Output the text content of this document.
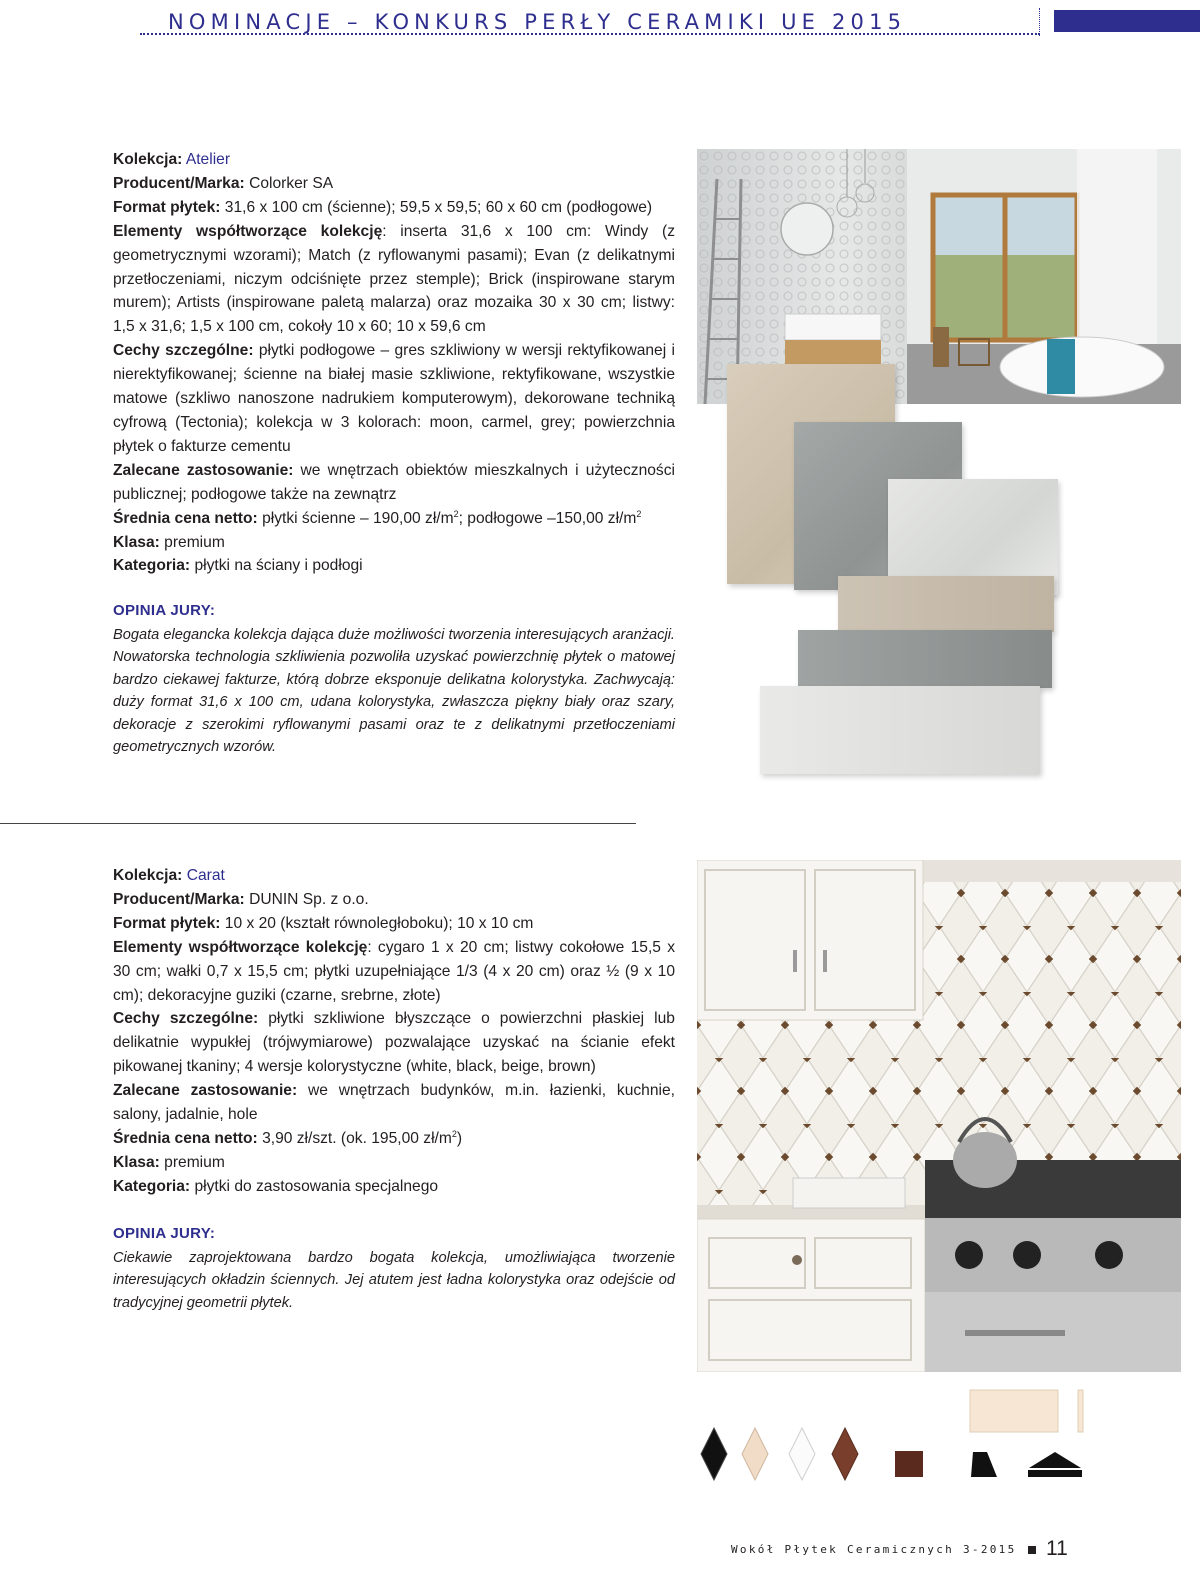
NOMINACJE – KONKURS PERŁY CERAMIKI UE 2015

Kolekcja: Atelier

Producent/Marka: Colorker SA

Format płytek: 31,6 x 100 cm (ścienne); 59,5 x 59,5; 60 x 60 cm (podłogowe)

Elementy współtworzące kolekcję: inserta 31,6 x 100 cm: Windy (z geometrycznymi wzorami); Match (z ryflowanymi pasami); Evan (z delikatnymi przetłoczeniami, niczym odciśnięte przez stemple); Brick (inspirowane starym murem); Artists (inspirowane paletą malarza) oraz mozaika 30 x 30 cm; listwy: 1,5 x 31,6; 1,5 x 100 cm, cokoły 10 x 60; 10 x 59,6 cm

Cechy szczególne: płytki podłogowe – gres szkliwiony w wersji rektyfikowanej i nierektyfikowanej; ścienne na białej masie szkliwione, rektyfikowane, wszystkie matowe (szkliwo nanoszone nadrukiem komputerowym), dekorowane techniką cyfrową (Tectonia); kolekcja w 3 kolorach: moon, carmel, grey; powierzchnia płytek o fakturze cementu

Zalecane zastosowanie: we wnętrzach obiektów mieszkalnych i użyteczności publicznej; podłogowe także na zewnątrz

Średnia cena netto: płytki ścienne – 190,00 $zł/m^2$; podłogowe –150,00 $zł/m^2$

Klasa: premium

Kategoria: płytki na ściany i podłogi

OPINIA JURY:
Bogata elegancka kolekcja dająca duże możliwości tworzenia interesujących aranżacji. Nowatorska technologia szkliwienia pozwoliła uzyskać powierzchnię płytek o matowej bardzo ciekawej fakturze, którą dobrze eksponuje delikatna kolorystyka. Zachwycają: duży format 31,6 x 100 cm, udana kolorystyka, zwłaszcza piękny biały oraz szary, dekoracje z szerokimi ryflowanymi pasami oraz te z delikatnymi przetłoczeniami geometrycznych wzorów.

Kolekcja: Carat

Producent/Marka: DUNIN Sp. z o.o.

Format płytek: 10 x 20 (kształt równoległoboku); 10 x 10 cm

Elementy współtworzące kolekcję: cygaro 1 x 20 cm; listwy cokołowe 15,5 x 30 cm; wałki 0,7 x 15,5 cm; płytki uzupełniające 1/3 (4 x 20 cm) oraz ½ (9 x 10 cm); dekoracyjne guziki (czarne, srebrne, złote)

Cechy szczególne: płytki szkliwione błyszczące o powierzchni płaskiej lub delikatnie wypukłej (trójwymiarowe) pozwalające uzyskać na ścianie efekt pikowanej tkaniny; 4 wersje kolorystyczne (white, black, beige, brown)

Zalecane zastosowanie: we wnętrzach budynków, m.in. łazienki, kuchnie, salony, jadalnie, hole

Średnia cena netto: 3,90 zł/szt. (ok. 195,00 $zł/m^2$)

Klasa: premium

Kategoria: płytki do zastosowania specjalnego

OPINIA JURY:
Ciekawie zaprojektowana bardzo bogata kolekcja, umożliwiająca tworzenie interesujących okładzin ściennych. Jej atutem jest ładna kolorystyka oraz odejście od tradycyjnej geometrii płytek.
Wokół Płytek Ceramicznych 3-2015 11
